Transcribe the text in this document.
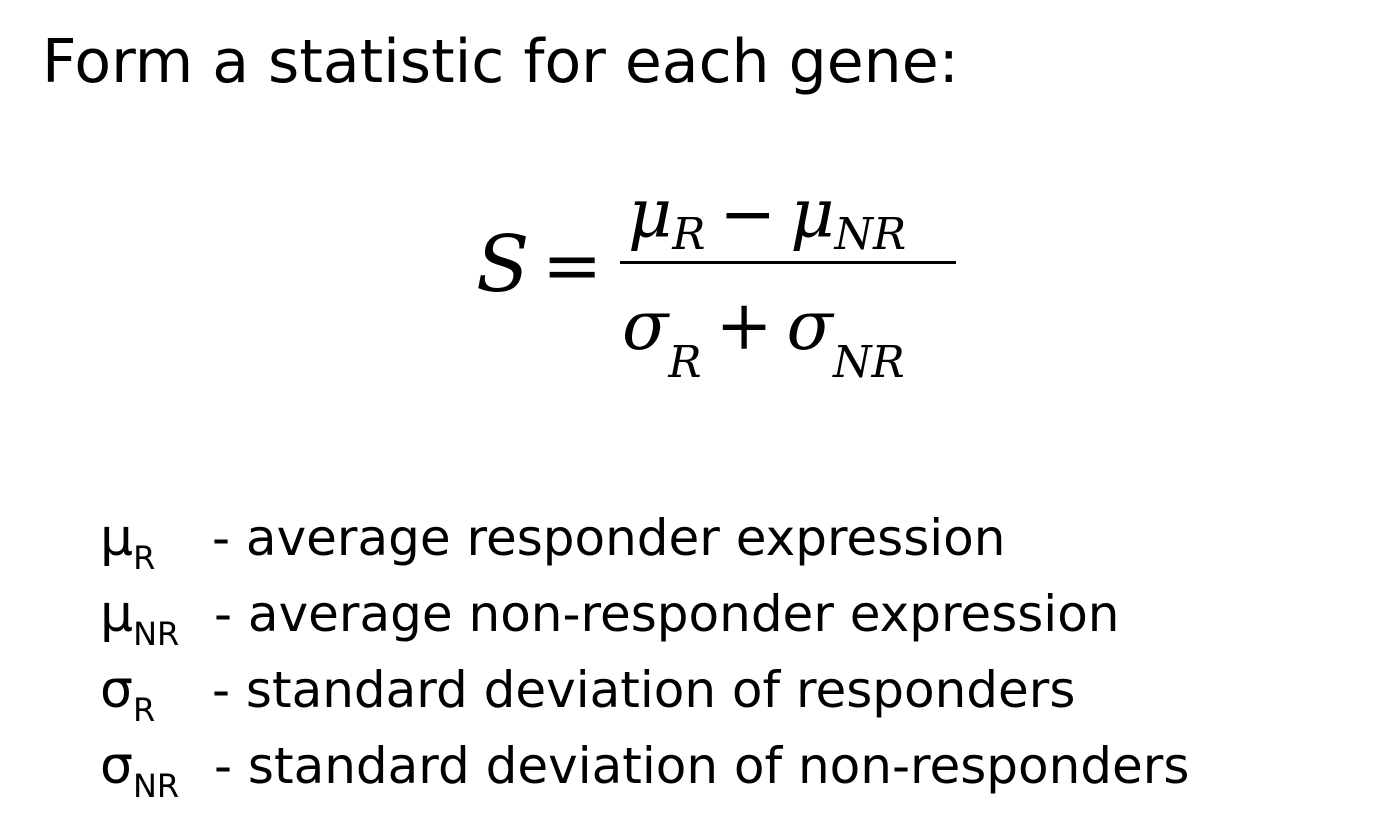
Form a statistic for each gene:
S =
μR − μNR
$\sigma_R + \sigma_{NR}$
$\mu_R$	- average responder expression
$\mu_{NR}$ - average non-responder expression
$\sigma_R$	- standard deviation of responders
$\sigma_{NR}$ - standard deviation of non-responders
